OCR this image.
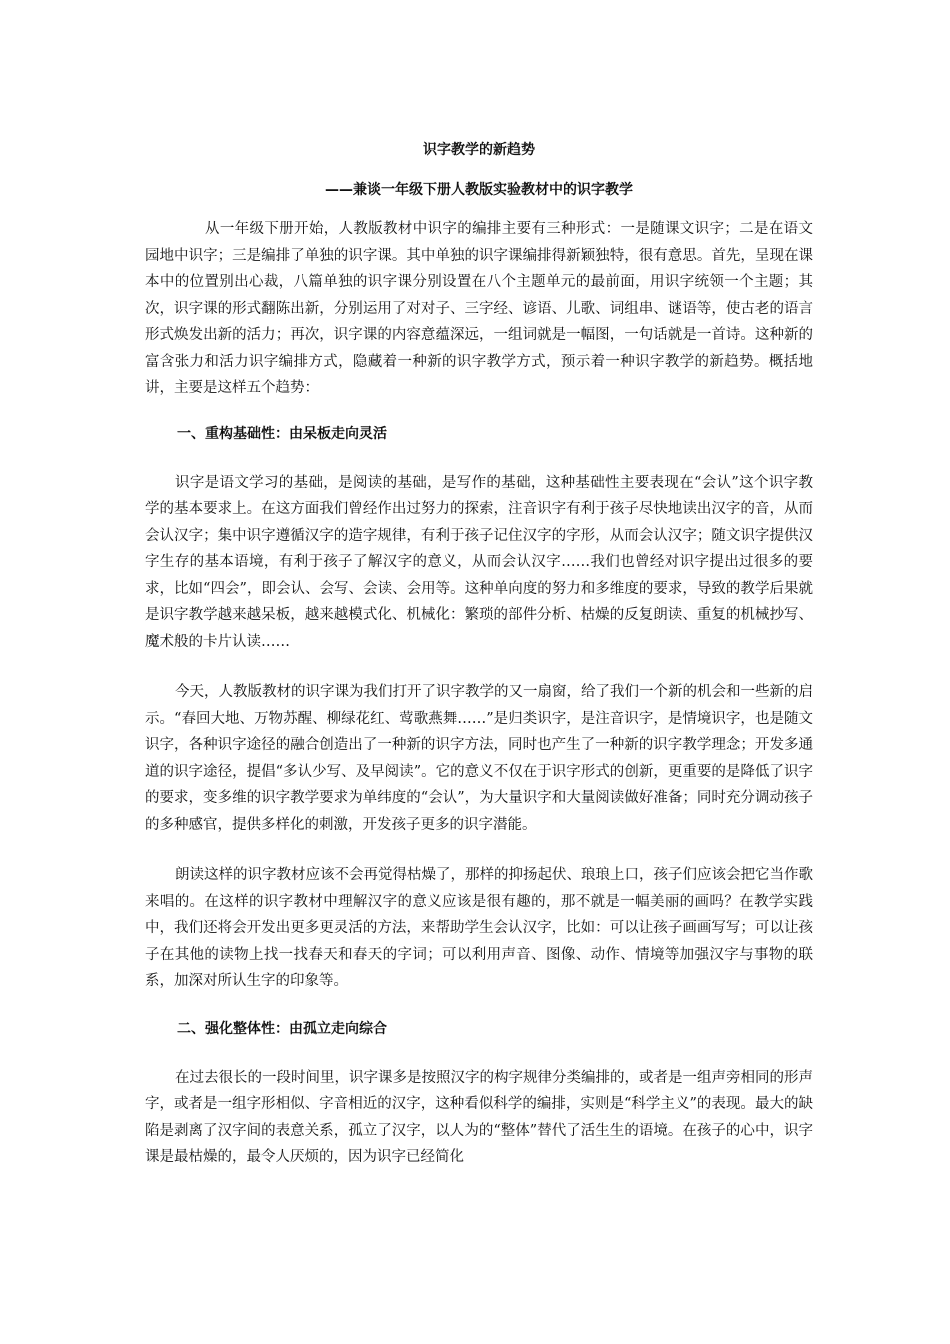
识字教学的新趋势
——兼谈一年级下册人教版实验教材中的识字教学

从一年级下册开始，人教版教材中识字的编排主要有三种形式：一是随课文识字；二是在语文园地中识字；三是编排了单独的识字课。其中单独的识字课编排得新颖独特，很有意思。首先，呈现在课本中的位置别出心裁，八篇单独的识字课分别设置在八个主题单元的最前面，用识字统领一个主题；其次，识字课的形式翻陈出新，分别运用了对对子、三字经、谚语、儿歌、词组串、谜语等，使古老的语言形式焕发出新的活力；再次，识字课的内容意蕴深远，一组词就是一幅图，一句话就是一首诗。这种新的富含张力和活力识字编排方式，隐藏着一种新的识字教学方式，预示着一种识字教学的新趋势。概括地讲，主要是这样五个趋势：

一、重构基础性：由呆板走向灵活

识字是语文学习的基础，是阅读的基础，是写作的基础，这种基础性主要表现在“会认”这个识字教学的基本要求上。在这方面我们曾经作出过努力的探索，注音识字有利于孩子尽快地读出汉字的音，从而会认汉字；集中识字遵循汉字的造字规律，有利于孩子记住汉字的字形，从而会认汉字；随文识字提供汉字生存的基本语境，有利于孩子了解汉字的意义，从而会认汉字……我们也曾经对识字提出过很多的要求，比如“四会”，即会认、会写、会读、会用等。这种单向度的努力和多维度的要求，导致的教学后果就是识字教学越来越呆板，越来越模式化、机械化：繁琐的部件分析、枯燥的反复朗读、重复的机械抄写、魔术般的卡片认读……

今天，人教版教材的识字课为我们打开了识字教学的又一扇窗，给了我们一个新的机会和一些新的启示。“春回大地、万物苏醒、柳绿花红、莺歌燕舞……”是归类识字，是注音识字，是情境识字，也是随文识字，各种识字途径的融合创造出了一种新的识字方法，同时也产生了一种新的识字教学理念；开发多通道的识字途径，提倡“多认少写、及早阅读”。它的意义不仅在于识字形式的创新，更重要的是降低了识字的要求，变多维的识字教学要求为单纬度的“会认”，为大量识字和大量阅读做好准备；同时充分调动孩子的多种感官，提供多样化的刺激，开发孩子更多的识字潜能。

朗读这样的识字教材应该不会再觉得枯燥了，那样的抑扬起伏、琅琅上口，孩子们应该会把它当作歌来唱的。在这样的识字教材中理解汉字的意义应该是很有趣的，那不就是一幅美丽的画吗？在教学实践中，我们还将会开发出更多更灵活的方法，来帮助学生会认汉字，比如：可以让孩子画画写写；可以让孩子在其他的读物上找一找春天和春天的字词；可以利用声音、图像、动作、情境等加强汉字与事物的联系，加深对所认生字的印象等。

二、强化整体性：由孤立走向综合

在过去很长的一段时间里，识字课多是按照汉字的构字规律分类编排的，或者是一组声旁相同的形声字，或者是一组字形相似、字音相近的汉字，这种看似科学的编排，实则是“科学主义”的表现。最大的缺陷是剥离了汉字间的表意关系，孤立了汉字，以人为的“整体”替代了活生生的语境。在孩子的心中，识字课是最枯燥的，最令人厌烦的，因为识字已经简化
